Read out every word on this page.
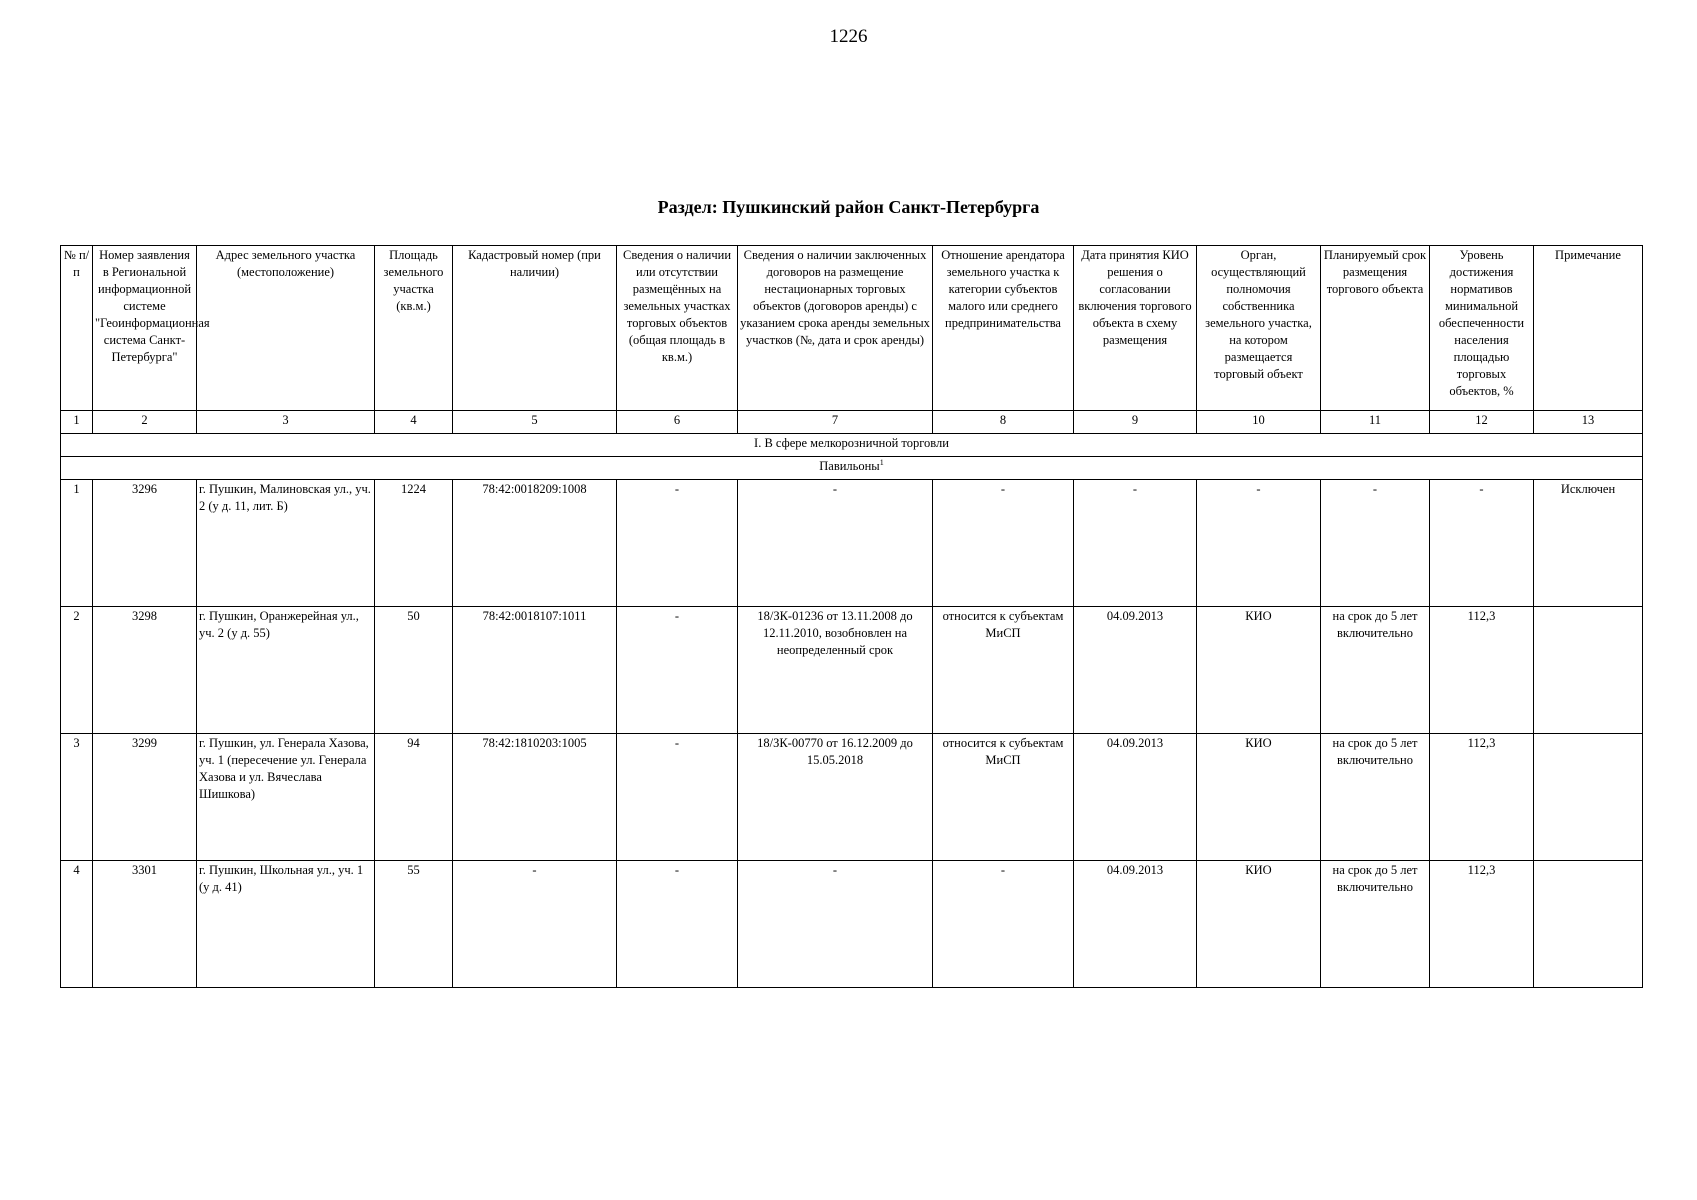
1226
Раздел: Пушкинский район Санкт-Петербурга
№ п/п	Номер заявления в Региональной информационной системе "Геоинформационная система Санкт-Петербурга"	Адрес земельного участка (местоположение)	Площадь земельного участка (кв.м.)	Кадастровый номер (при наличии)	Сведения о наличии или отсутствии размещённых на земельных участках торговых объектов (общая площадь в кв.м.)	Сведения о наличии заключенных договоров на размещение нестационарных торговых объектов (договоров аренды) с указанием срока аренды земельных участков (№, дата и срок аренды)	Отношение арендатора земельного участка к категории субъектов малого или среднего предпринимательства	Дата принятия КИО решения о согласовании включения торгового объекта в схему размещения	Орган, осуществляющий полномочия собственника земельного участка, на котором размещается торговый объект	Планируемый срок размещения торгового объекта	Уровень достижения нормативов минимальной обеспеченности населения площадью торговых объектов, %	Примечание
1	2	3	4	5	6	7	8	9	10	11	12	13
I. В сфере мелкорозничной торговли												
Павильоны$^1$
1	3296	г. Пушкин, Малиновская ул., уч. 2 (у д. 11, лит. Б)	1224	78:42:0018209:1008	-	-	-	-	-	-	-	Исключен
2	3298	г. Пушкин, Оранжерейная ул., уч. 2 (у д. 55)	50	78:42:0018107:1011	-	18/ЗК-01236 от 13.11.2008 до 12.11.2010, возобновлен на неопределенный срок	относится к субъектам МиСП	04.09.2013	КИО	на срок до 5 лет включительно	112,3	
3	3299	г. Пушкин, ул. Генерала Хазова, уч. 1 (пересечение ул. Генерала Хазова и ул. Вячеслава Шишкова)	94	78:42:1810203:1005	-	18/ЗК-00770 от 16.12.2009 до 15.05.2018	относится к субъектам МиСП	04.09.2013	КИО	на срок до 5 лет включительно	112,3	
4	3301	г. Пушкин, Школьная ул., уч. 1 (у д. 41)	55	-	-	-	-	04.09.2013	КИО	на срок до 5 лет включительно	112,3	
